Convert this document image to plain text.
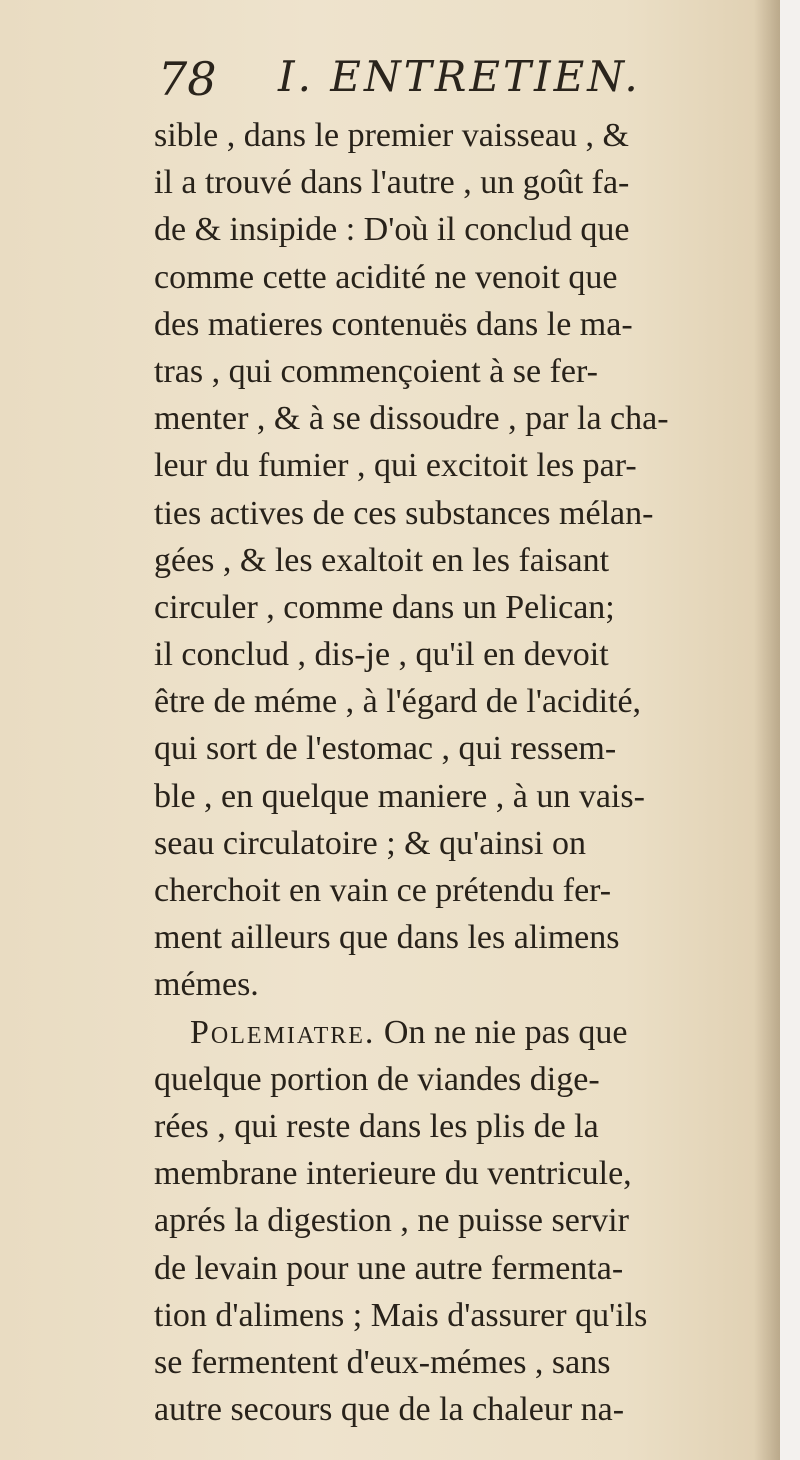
78 I. ENTRETIEN.
sible , dans le premier vaisseau , &
il a trouvé dans l'autre , un goût fa-
de & insipide : D'où il conclud que
comme cette acidité ne venoit que
des matieres contenuës dans le ma-
tras , qui commençoient à se fer-
menter , & à se dissoudre , par la cha-
leur du fumier , qui excitoit les par-
ties actives de ces substances mélan-
gées , & les exaltoit en les faisant
circuler , comme dans un Pelican;
il conclud , dis-je , qu'il en devoit
être de méme , à l'égard de l'acidité,
qui sort de l'estomac , qui ressem-
ble , en quelque maniere , à un vais-
seau circulatoire ; & qu'ainsi on
cherchoit en vain ce prétendu fer-
ment ailleurs que dans les alimens
mémes.
Polemiatre. On ne nie pas que
quelque portion de viandes dige-
rées , qui reste dans les plis de la
membrane interieure du ventricule,
aprés la digestion , ne puisse servir
de levain pour une autre fermenta-
tion d'alimens ; Mais d'assurer qu'ils
se fermentent d'eux-mémes , sans
autre secours que de la chaleur na-
